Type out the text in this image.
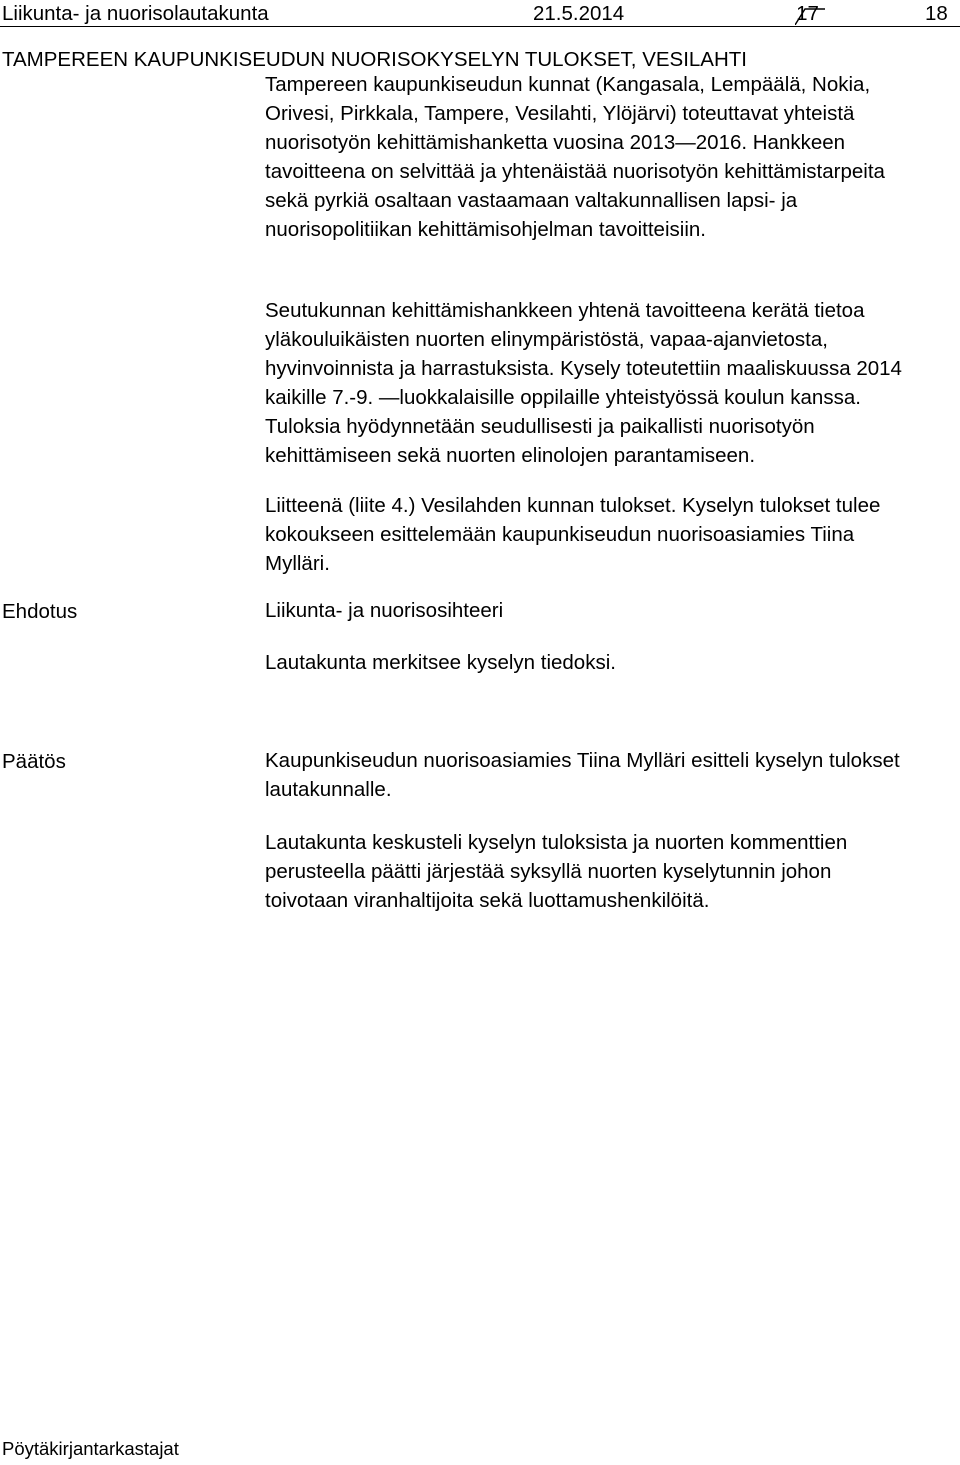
Liikunta- ja nuorisolautakunta	21.5.2014	17	18
TAMPEREEN KAUPUNKISEUDUN NUORISOKYSELYN TULOKSET, VESILAHTI
Tampereen kaupunkiseudun kunnat (Kangasala, Lempäälä, Nokia,
Orivesi, Pirkkala, Tampere, Vesilahti, Ylöjärvi) toteuttavat yhteistä
nuorisotyön kehittämishanketta vuosina 2013—2016. Hankkeen
tavoitteena on selvittää ja yhtenäistää nuorisotyön kehittämistarpeita
sekä pyrkiä osaltaan vastaamaan valtakunnallisen lapsi- ja
nuorisopolitiikan kehittämisohjelman tavoitteisiin.
Seutukunnan kehittämishankkeen yhtenä tavoitteena kerätä tietoa
yläkouluikäisten nuorten elinympäristöstä, vapaa-ajanvietosta,
hyvinvoinnista ja harrastuksista. Kysely toteutettiin maaliskuussa 2014
kaikille 7.-9. —luokkalaisille oppilaille yhteistyössä koulun kanssa.
Tuloksia hyödynnetään seudullisesti ja paikallisti nuorisotyön
kehittämiseen sekä nuorten elinolojen parantamiseen.
Liitteenä (liite 4.) Vesilahden kunnan tulokset. Kyselyn tulokset tulee
kokoukseen esittelemään kaupunkiseudun nuorisoasiamies Tiina
Mylläri.
Ehdotus	Liikunta- ja nuorisosihteeri
Lautakunta merkitsee kyselyn tiedoksi.
Päätös	Kaupunkiseudun nuorisoasiamies Tiina Mylläri esitteli kyselyn tulokset
lautakunnalle.
Lautakunta keskusteli kyselyn tuloksista ja nuorten kommenttien
perusteella päätti järjestää syksyllä nuorten kyselytunnin johon
toivotaan viranhaltijoita sekä luottamushenkilöitä.
Pöytäkirjantarkastajat
